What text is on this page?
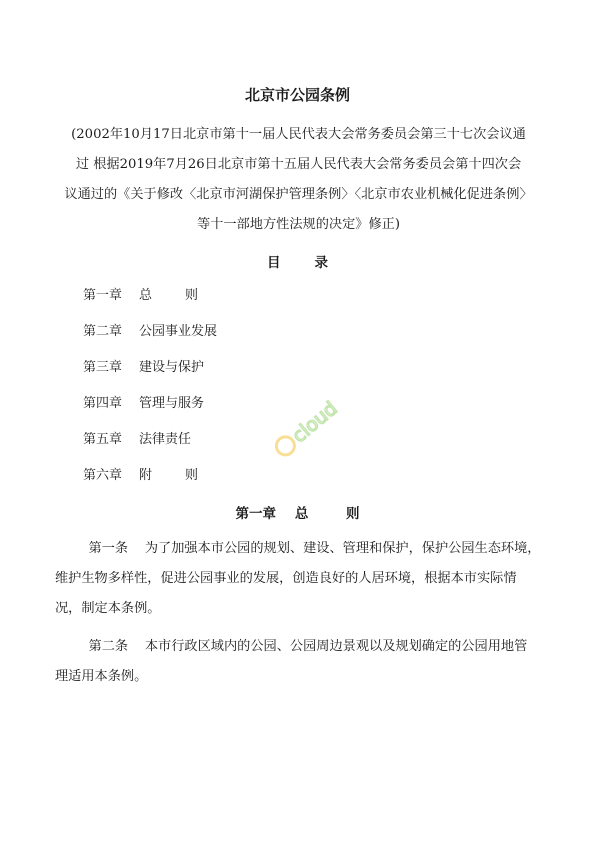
北京市公园条例
(2002年10月17日北京市第十一届人民代表大会常务委员会第三十七次会议通
过 根据2019年7月26日北京市第十五届人民代表大会常务委员会第十四次会
议通过的《关于修改〈北京市河湖保护管理条例〉〈北京市农业机械化促进条例〉
等十一部地方性法规的决定》修正)
目	录
第一章 总        则
第二章 公园事业发展
第三章 建设与保护
第四章 管理与服务
第五章 法律责任
第六章 附        则
第一章    总        则
第一条    为了加强本市公园的规划、建设、管理和保护，保护公园生态环境，
维护生物多样性，促进公园事业的发展，创造良好的人居环境，根据本市实际情
况，制定本条例。
第二条    本市行政区域内的公园、公园周边景观以及规划确定的公园用地管
理适用本条例。
cloud
